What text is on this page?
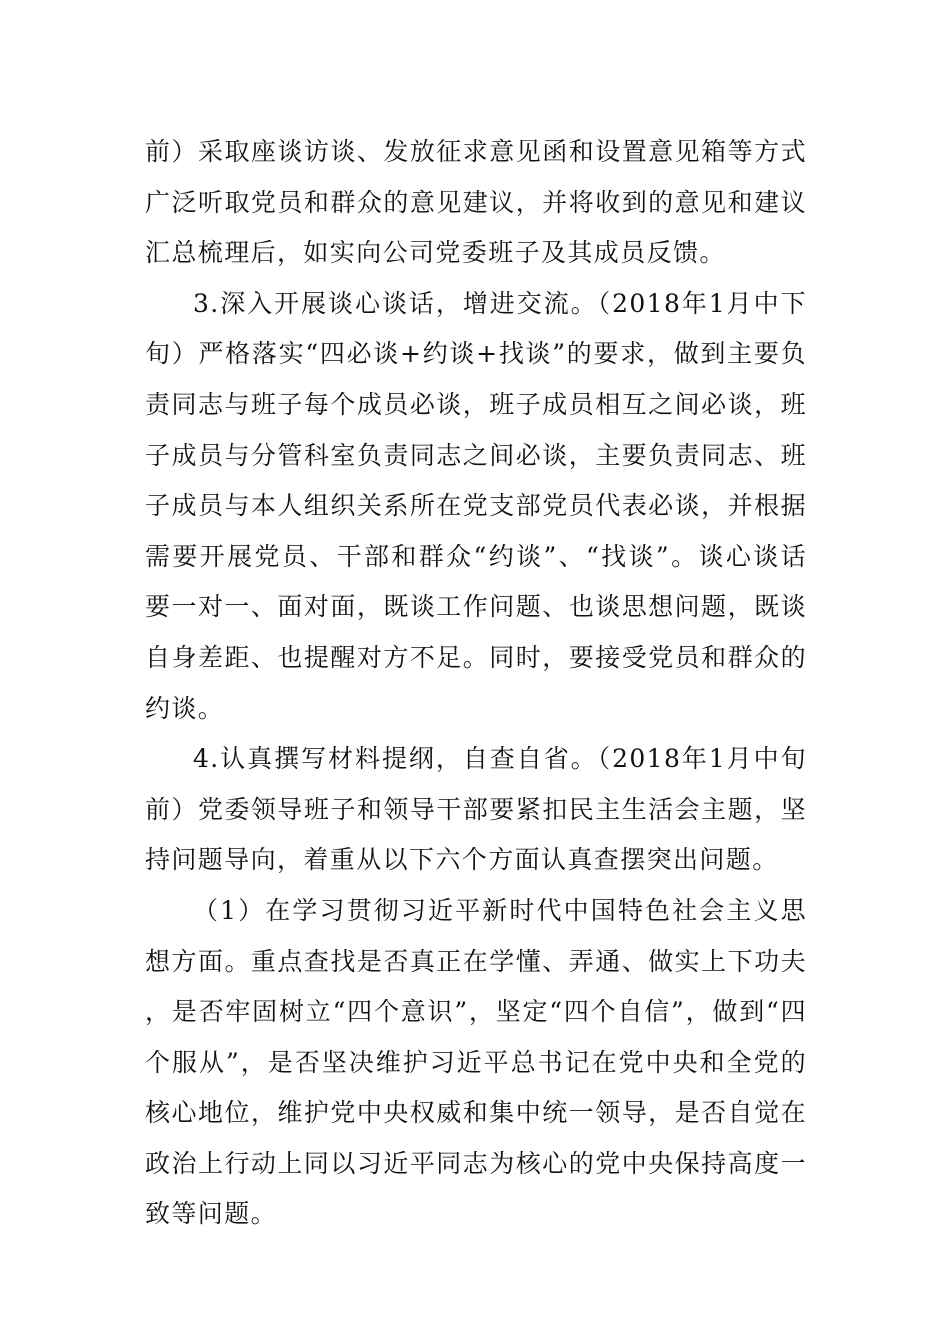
前）采取座谈访谈、发放征求意见函和设置意见箱等方式广泛听取党员和群众的意见建议，并将收到的意见和建议汇总梳理后，如实向公司党委班子及其成员反馈。

3.深入开展谈心谈话，增进交流。（2018年1月中下旬）严格落实“四必谈+约谈+找谈”的要求，做到主要负责同志与班子每个成员必谈，班子成员相互之间必谈，班子成员与分管科室负责同志之间必谈，主要负责同志、班子成员与本人组织关系所在党支部党员代表必谈，并根据需要开展党员、干部和群众“约谈”、“找谈”。谈心谈话要一对一、面对面，既谈工作问题、也谈思想问题，既谈自身差距、也提醒对方不足。同时，要接受党员和群众的约谈。

4.认真撰写材料提纲，自查自省。（2018年1月中旬前）党委领导班子和领导干部要紧扣民主生活会主题，坚持问题导向，着重从以下六个方面认真查摆突出问题。

（1）在学习贯彻习近平新时代中国特色社会主义思想方面。重点查找是否真正在学懂、弄通、做实上下功夫，是否牢固树立“四个意识”，坚定“四个自信”，做到“四个服从”，是否坚决维护习近平总书记在党中央和全党的核心地位，维护党中央权威和集中统一领导，是否自觉在政治上行动上同以习近平同志为核心的党中央保持高度一致等问题。
